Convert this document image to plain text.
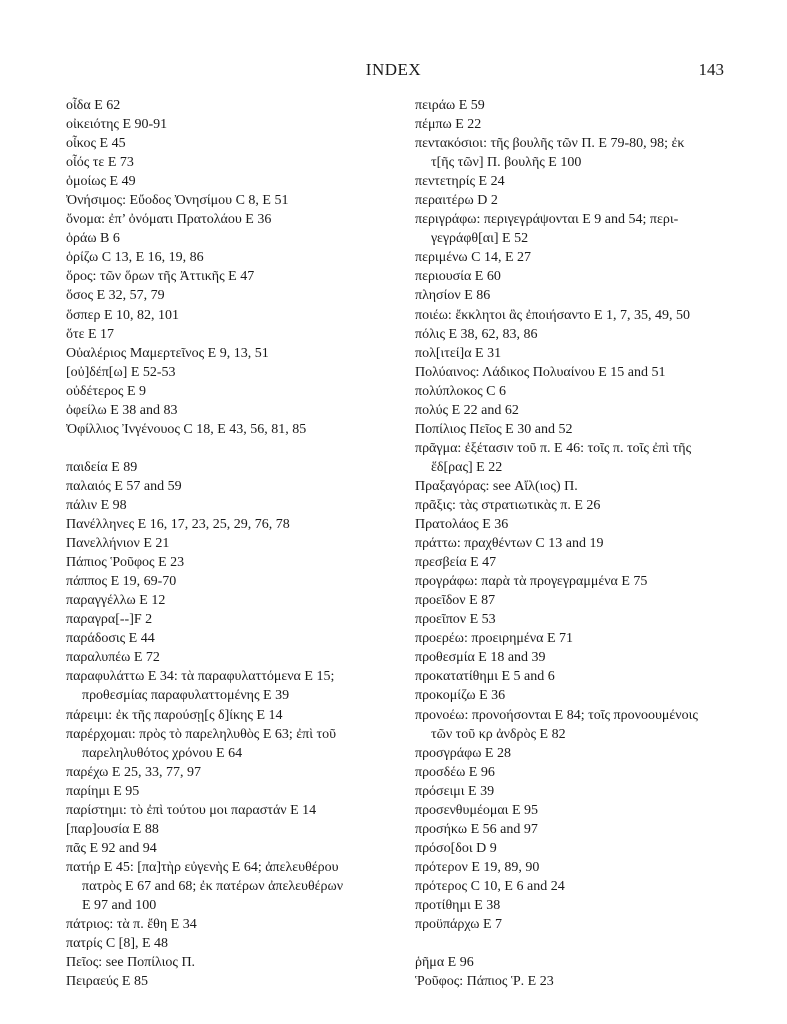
INDEX	143
οἶδα E 62
οἰκειότης E 90-91
οἶκος E 45
οἷός τε E 73
ὁμοίως E 49
Ὀνήσιμος: Εὔοδος Ὀνησίμου C 8, E 51
ὄνομα: ἐπ’ ὀνόματι Πρατολάου E 36
ὁράω B 6
ὁρίζω C 13, E 16, 19, 86
ὅρος: τῶν ὅρων τῆς Ἀττικῆς E 47
ὅσος E 32, 57, 79
ὅσπερ E 10, 82, 101
ὅτε E 17
Οὐαλέριος Μαμερτεῖνος E 9, 13, 51
[οὐ]δέπ[ω] E 52-53
οὐδέτερος E 9
ὀφείλω E 38 and 83
Ὀφίλλιος Ἰνγένουος C 18, E 43, 56, 81, 85
παιδεία E 89
παλαιός E 57 and 59
πάλιν E 98
Πανέλληνες E 16, 17, 23, 25, 29, 76, 78
Πανελλήνιον E 21
Πάπιος Ῥοῦφος E 23
πάππος E 19, 69-70
παραγγέλλω E 12
παραγρα[--]F 2
παράδοσις E 44
παραλυπέω E 72
παραφυλάττω E 34: τὰ παραφυλαττόμενα E 15;
προθεσμίας παραφυλαττομένης E 39
πάρειμι: ἐκ τῆς παρούσῃ[ς δ]ίκης E 14
παρέρχομαι: πρὸς τὸ παρεληλυθὸς E 63; ἐπὶ τοῦ
παρεληλυθότος χρόνου E 64
παρέχω E 25, 33, 77, 97
παρίημι E 95
παρίστημι: τὸ ἐπὶ τούτου μοι παραστάν E 14
[παρ]ουσία E 88
πᾶς E 92 and 94
πατήρ E 45: [πα]τὴρ εὐγενὴς E 64; ἀπελευθέρου
πατρὸς E 67 and 68; ἐκ πατέρων ἀπελευθέρων
E 97 and 100
πάτριος: τὰ π. ἔθη E 34
πατρίς C [8], E 48
Πεῖος: see Ποπίλιος Π.
Πειραεύς E 85
πειράω E 59
πέμπω E 22
πεντακόσιοι: τῆς βουλῆς τῶν Π. E 79-80, 98; ἐκ
τ[ῆς τῶν] Π. βουλῆς E 100
πεντετηρίς E 24
περαιτέρω D 2
περιγράφω: περιγεγράψονται E 9 and 54; περι-
γεγράφθ[αι] E 52
περιμένω C 14, E 27
περιουσία E 60
πλησίον E 86
ποιέω: ἔκκλητοι ἃς ἐποιήσαντο E 1, 7, 35, 49, 50
πόλις E 38, 62, 83, 86
πολ[ιτεί]α E 31
Πολύαινος: Λάδικος Πολυαίνου E 15 and 51
πολύπλοκος C 6
πολύς E 22 and 62
Ποπίλιος Πεῖος E 30 and 52
πρᾶγμα: ἐξέτασιν τοῦ π. E 46: τοῖς π. τοῖς ἐπὶ τῆς
ἕδ[ρας] E 22
Πραξαγόρας: see Αἴλ(ιος) Π.
πρᾶξις: τὰς στρατιωτικὰς π. E 26
Πρατολάος E 36
πράττω: πραχθέντων C 13 and 19
πρεσβεία E 47
προγράφω: παρὰ τὰ προγεγραμμένα E 75
προεῖδον E 87
προεῖπον E 53
προερέω: προειρημένα E 71
προθεσμία E 18 and 39
προκατατίθημι E 5 and 6
προκομίζω E 36
προνοέω: προνοήσονται E 84; τοῖς προνοουμένοις
τῶν τοῦ κρ ἀνδρὸς E 82
προσγράφω E 28
προσδέω E 96
πρόσειμι E 39
προσενθυμέομαι E 95
προσήκω E 56 and 97
πρόσο[δοι D 9
πρότερον E 19, 89, 90
πρότερος C 10, E 6 and 24
προτίθημι E 38
προϋπάρχω E 7
ῥῆμα E 96
Ῥοῦφος: Πάπιος Ῥ. E 23
